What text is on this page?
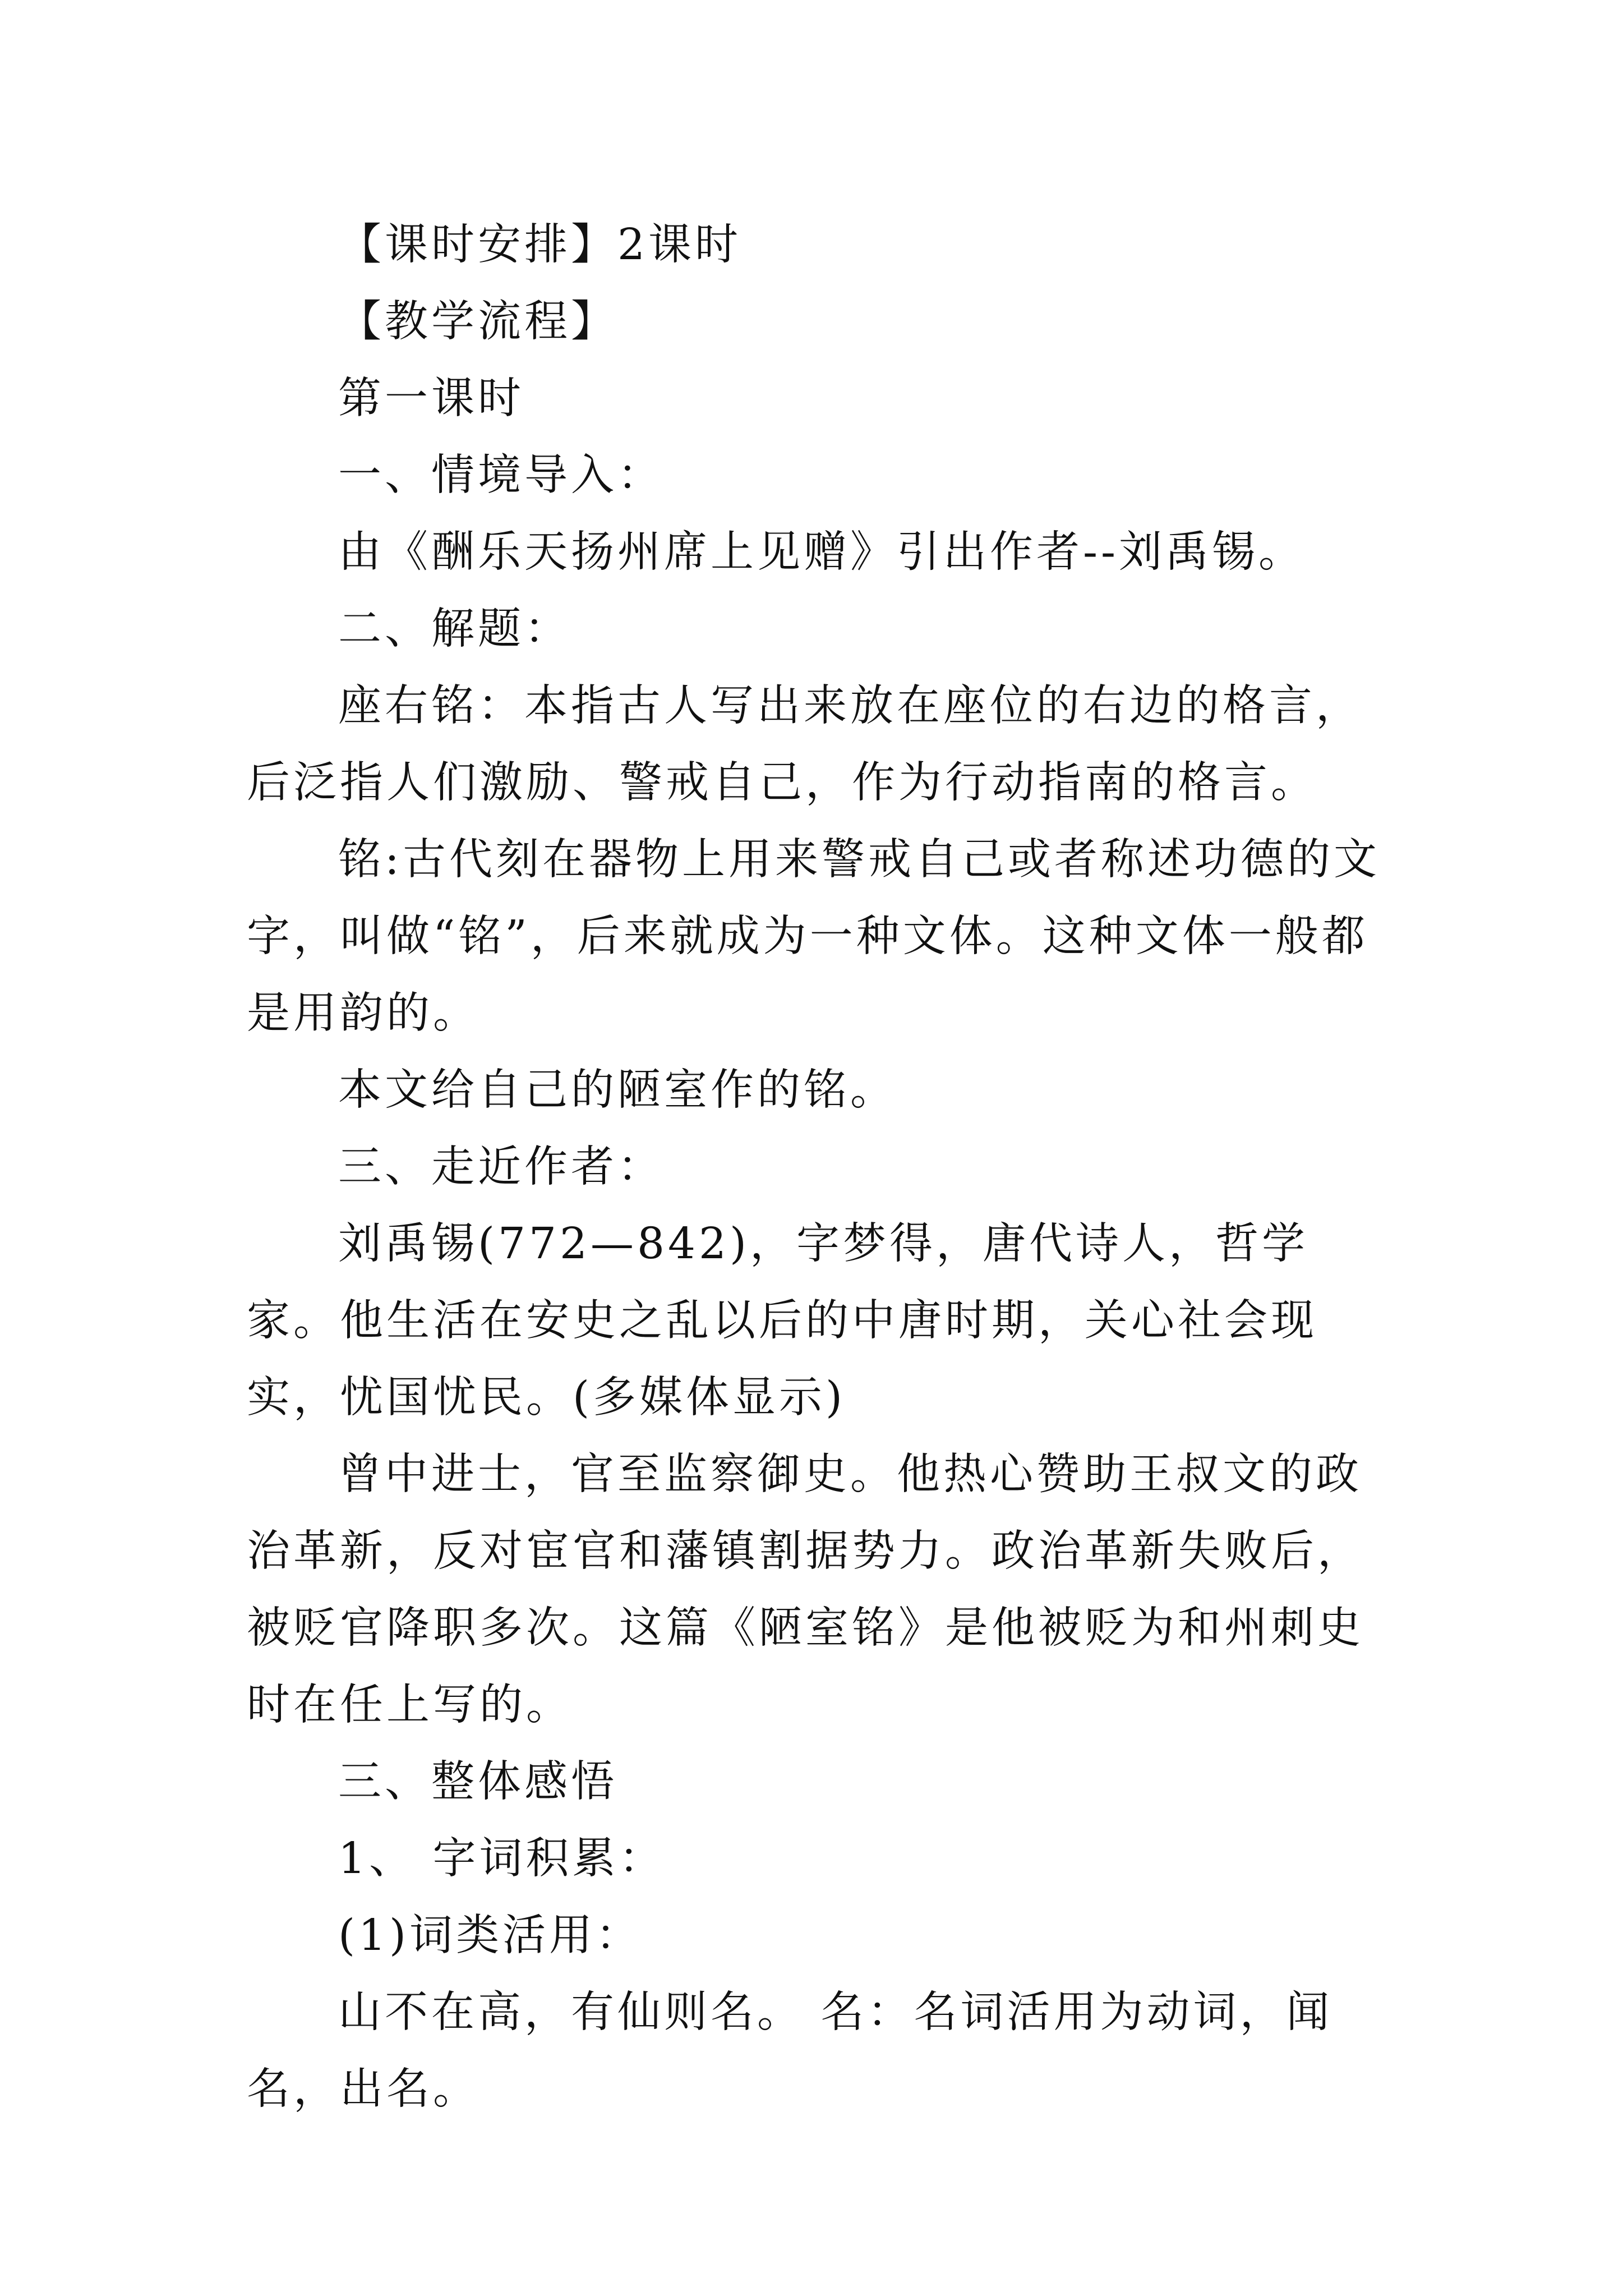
【课时安排】2课时

【教学流程】

第一课时

一、情境导入：

由《酬乐天扬州席上见赠》引出作者--刘禹锡。

二、解题：

座右铭：本指古人写出来放在座位的右边的格言，后泛指人们激励、警戒自己，作为行动指南的格言。

铭:古代刻在器物上用来警戒自己或者称述功德的文字，叫做“铭”，后来就成为一种文体。这种文体一般都是用韵的。

本文给自己的陋室作的铭。

三、走近作者：

刘禹锡(772—842)，字梦得，唐代诗人，哲学家。他生活在安史之乱以后的中唐时期，关心社会现实，忧国忧民。(多媒体显示)

曾中进士，官至监察御史。他热心赞助王叔文的政治革新，反对宦官和藩镇割据势力。政治革新失败后，被贬官降职多次。这篇《陋室铭》是他被贬为和州刺史时在任上写的。

三、整体感悟

1、 字词积累：

(1)词类活用：

山不在高，有仙则名。 名：名词活用为动词，闻名，出名。
